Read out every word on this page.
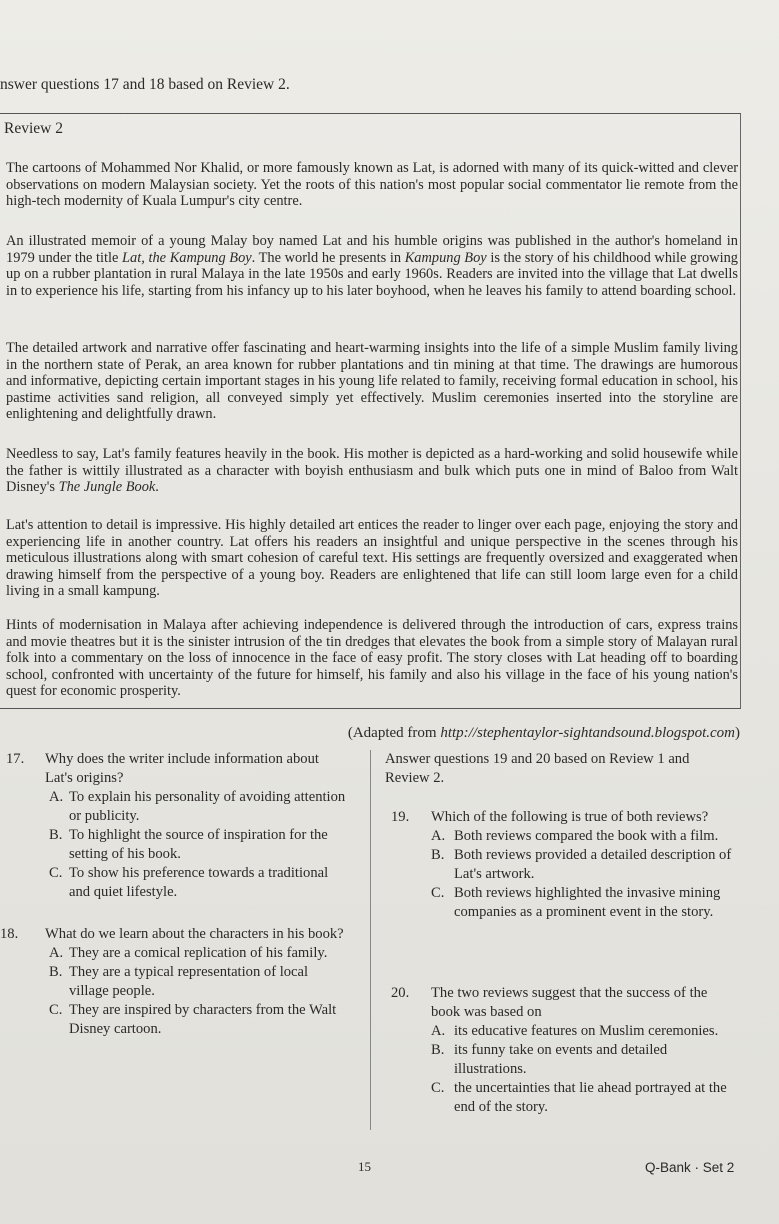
nswer questions 17 and 18 based on Review 2.
Review 2

The cartoons of Mohammed Nor Khalid, or more famously known as Lat, is adorned with many of its quick-witted and clever observations on modern Malaysian society. Yet the roots of this nation's most popular social commentator lie remote from the high-tech modernity of Kuala Lumpur's city centre.

An illustrated memoir of a young Malay boy named Lat and his humble origins was published in the author's homeland in 1979 under the title Lat, the Kampung Boy. The world he presents in Kampung Boy is the story of his childhood while growing up on a rubber plantation in rural Malaya in the late 1950s and early 1960s. Readers are invited into the village that Lat dwells in to experience his life, starting from his infancy up to his later boyhood, when he leaves his family to attend boarding school.

The detailed artwork and narrative offer fascinating and heart-warming insights into the life of a simple Muslim family living in the northern state of Perak, an area known for rubber plantations and tin mining at that time. The drawings are humorous and informative, depicting certain important stages in his young life related to family, receiving formal education in school, his pastime activities sand religion, all conveyed simply yet effectively. Muslim ceremonies inserted into the storyline are enlightening and delightfully drawn.

Needless to say, Lat's family features heavily in the book. His mother is depicted as a hard-working and solid housewife while the father is wittily illustrated as a character with boyish enthusiasm and bulk which puts one in mind of Baloo from Walt Disney's The Jungle Book.

Lat's attention to detail is impressive. His highly detailed art entices the reader to linger over each page, enjoying the story and experiencing life in another country. Lat offers his readers an insightful and unique perspective in the scenes through his meticulous illustrations along with smart cohesion of careful text. His settings are frequently oversized and exaggerated when drawing himself from the perspective of a young boy. Readers are enlightened that life can still loom large even for a child living in a small kampung.

Hints of modernisation in Malaya after achieving independence is delivered through the introduction of cars, express trains and movie theatres but it is the sinister intrusion of the tin dredges that elevates the book from a simple story of Malayan rural folk into a commentary on the loss of innocence in the face of easy profit. The story closes with Lat heading off to boarding school, confronted with uncertainty of the future for himself, his family and also his village in the face of his young nation's quest for economic prosperity.

(Adapted from http://stephentaylor-sightandsound.blogspot.com)
17. Why does the writer include information about Lat's origins?
A. To explain his personality of avoiding attention or publicity.
B. To highlight the source of inspiration for the setting of his book.
C. To show his preference towards a traditional and quiet lifestyle.
18. What do we learn about the characters in his book?
A. They are a comical replication of his family.
B. They are a typical representation of local village people.
C. They are inspired by characters from the Walt Disney cartoon.
Answer questions 19 and 20 based on Review 1 and Review 2.
19. Which of the following is true of both reviews?
A. Both reviews compared the book with a film.
B. Both reviews provided a detailed description of Lat's artwork.
C. Both reviews highlighted the invasive mining companies as a prominent event in the story.
20. The two reviews suggest that the success of the book was based on
A. its educative features on Muslim ceremonies.
B. its funny take on events and detailed illustrations.
C. the uncertainties that lie ahead portrayed at the end of the story.
15	Q-Bank · Set 2
